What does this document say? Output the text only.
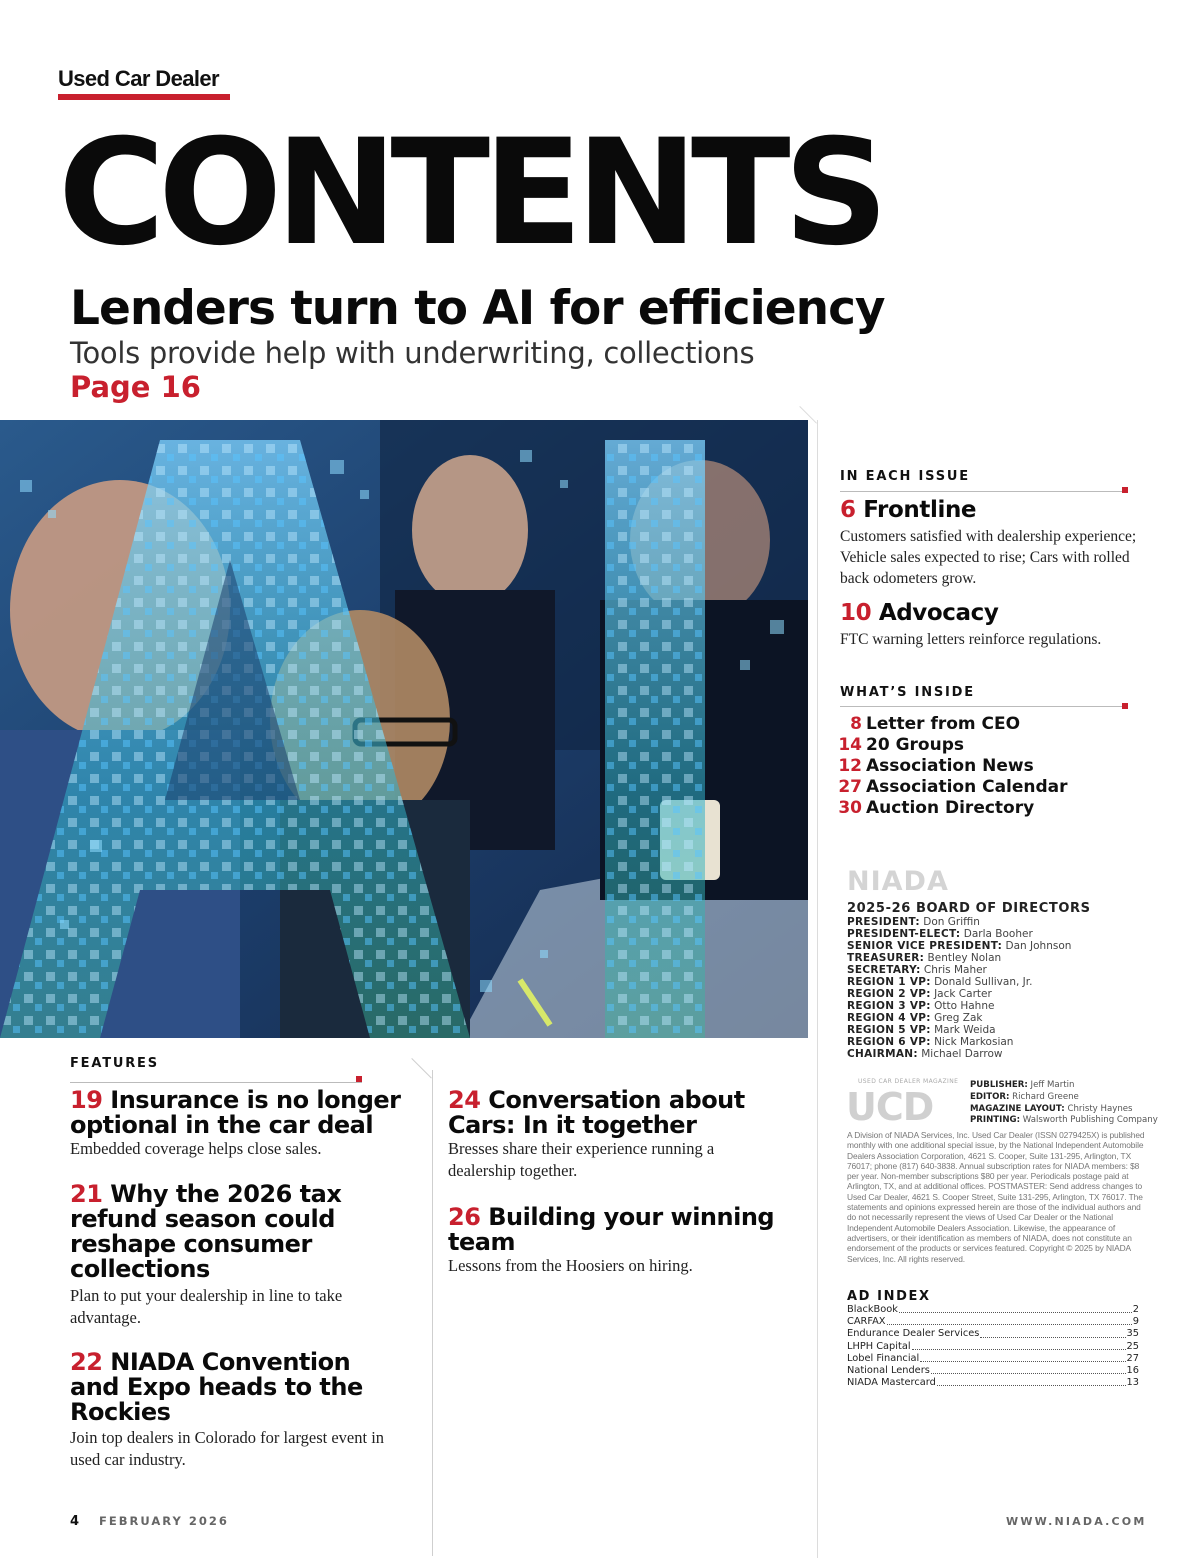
Used Car Dealer
CONTENTS
Lenders turn to AI for efficiency
Tools provide help with underwriting, collections
Page 16
IN EACH ISSUE
6 Frontline
Customers satisfied with dealership experience; Vehicle sales expected to rise; Cars with rolled back odometers grow.
10 Advocacy
FTC warning letters reinforce regulations.
WHAT’S INSIDE
8 Letter from CEO
14 20 Groups
12 Association News
27 Association Calendar
30 Auction Directory
NIADA
2025-26 BOARD OF DIRECTORS
PRESIDENT: Don Griffin
PRESIDENT-ELECT: Darla Booher
SENIOR VICE PRESIDENT: Dan Johnson
TREASURER: Bentley Nolan
SECRETARY: Chris Maher
REGION 1 VP: Donald Sullivan, Jr.
REGION 2 VP: Jack Carter
REGION 3 VP: Otto Hahne
REGION 4 VP: Greg Zak
REGION 5 VP: Mark Weida
REGION 6 VP: Nick Markosian
CHAIRMAN: Michael Darrow
USED CAR DEALER MAGAZINE
UCD	PUBLISHER: Jeff Martin
EDITOR: Richard Greene
MAGAZINE LAYOUT: Christy Haynes
PRINTING: Walsworth Publishing Company
A Division of NIADA Services, Inc. Used Car Dealer (ISSN 0279425X) is published monthly with one additional special issue, by the National Independent Automobile Dealers Association Corporation, 4621 S. Cooper, Suite 131-295, Arlington, TX 76017; phone (817) 640-3838. Annual subscription rates for NIADA members: $8 per year. Non-member subscriptions $80 per year. Periodicals postage paid at Arlington, TX, and at additional offices. POSTMASTER: Send address changes to Used Car Dealer, 4621 S. Cooper Street, Suite 131-295, Arlington, TX 76017. The statements and opinions expressed herein are those of the individual authors and do not necessarily represent the views of Used Car Dealer or the National Independent Automobile Dealers Association. Likewise, the appearance of advertisers, or their identification as members of NIADA, does not constitute an endorsement of the products or services featured. Copyright © 2025 by NIADA Services, Inc. All rights reserved.
AD INDEX
BlackBook	2
CARFAX	9
Endurance Dealer Services	35
LHPH Capital	25
Lobel Financial	27
National Lenders	16
NIADA Mastercard	13
FEATURES
19 Insurance is no longer optional in the car deal
Embedded coverage helps close sales.
21 Why the 2026 tax refund season could reshape consumer collections
Plan to put your dealership in line to take advantage.
22 NIADA Convention and Expo heads to the Rockies
Join top dealers in Colorado for largest event in used car industry.
24 Conversation about Cars: In it together
Bresses share their experience running a dealership together.
26 Building your winning team
Lessons from the Hoosiers on hiring.
4 FEBRUARY 2026	WWW.NIADA.COM
